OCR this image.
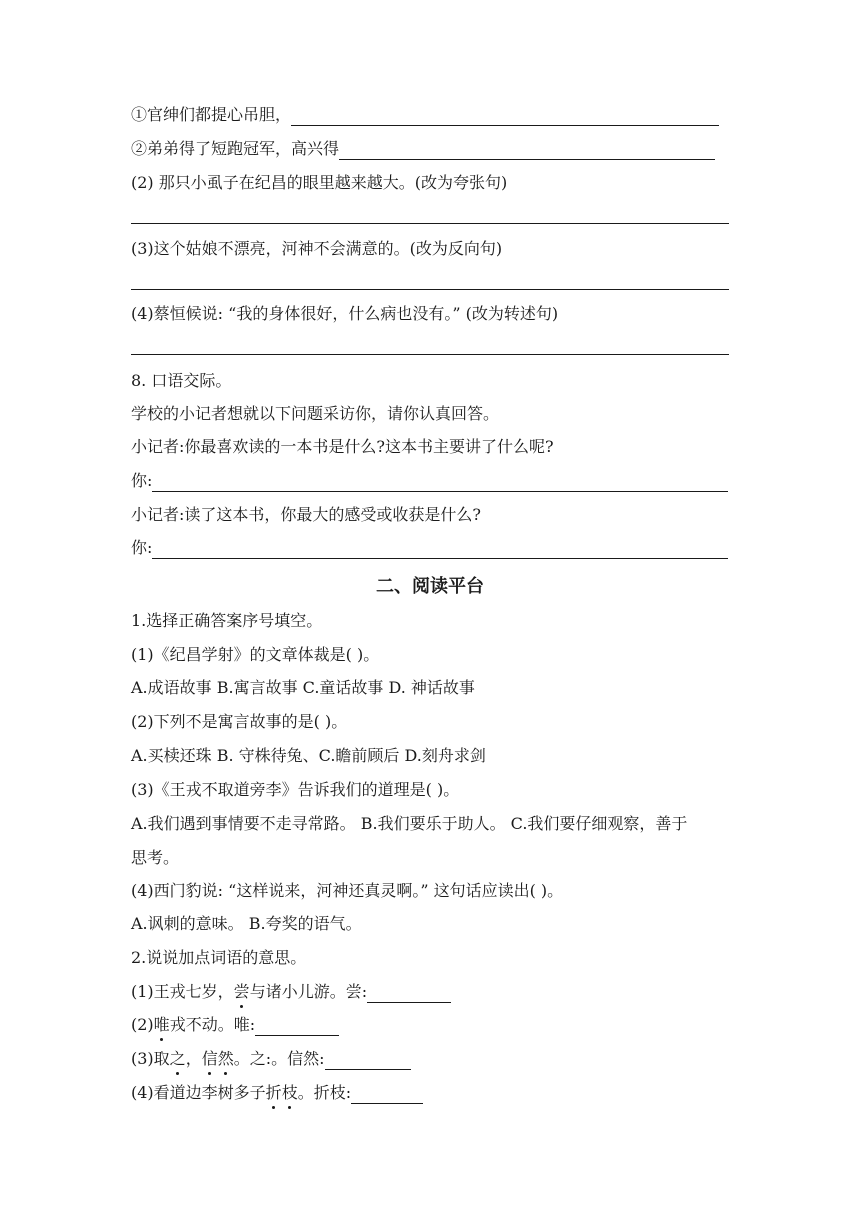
①官绅们都提心吊胆，
②弟弟得了短跑冠军，高兴得
(2) 那只小虱子在纪昌的眼里越来越大。(改为夸张句)
(3)这个姑娘不漂亮，河神不会满意的。(改为反向句)
(4)蔡恒候说: “我的身体很好，什么病也没有。” (改为转述句)
8. 口语交际。
学校的小记者想就以下问题采访你，请你认真回答。
小记者:你最喜欢读的一本书是什么?这本书主要讲了什么呢?
你:
小记者:读了这本书，你最大的感受或收获是什么?
你:
二、阅读平台
1.选择正确答案序号填空。
(1)《纪昌学射》的文章体裁是( )。
A.成语故事 B.寓言故事 C.童话故事 D. 神话故事
(2)下列不是寓言故事的是( )。
A.买椟还珠 B. 守株待兔、C.瞻前顾后 D.刻舟求剑
(3)《王戎不取道旁李》告诉我们的道理是( )。
A.我们遇到事情要不走寻常路。 B.我们要乐于助人。 C.我们要仔细观察，善于
思考。
(4)西门豹说: “这样说来，河神还真灵啊。” 这句话应读出( )。
A.讽刺的意味。 B.夸奖的语气。
2.说说加点词语的意思。
(1)王戎七岁， 尝 与诸小儿游。尝:
(2) 唯 戎不动。唯:
(3)取 之 ， 信 然 。之:。信然:
(4)看道边李树多子 折 枝 。折枝:
